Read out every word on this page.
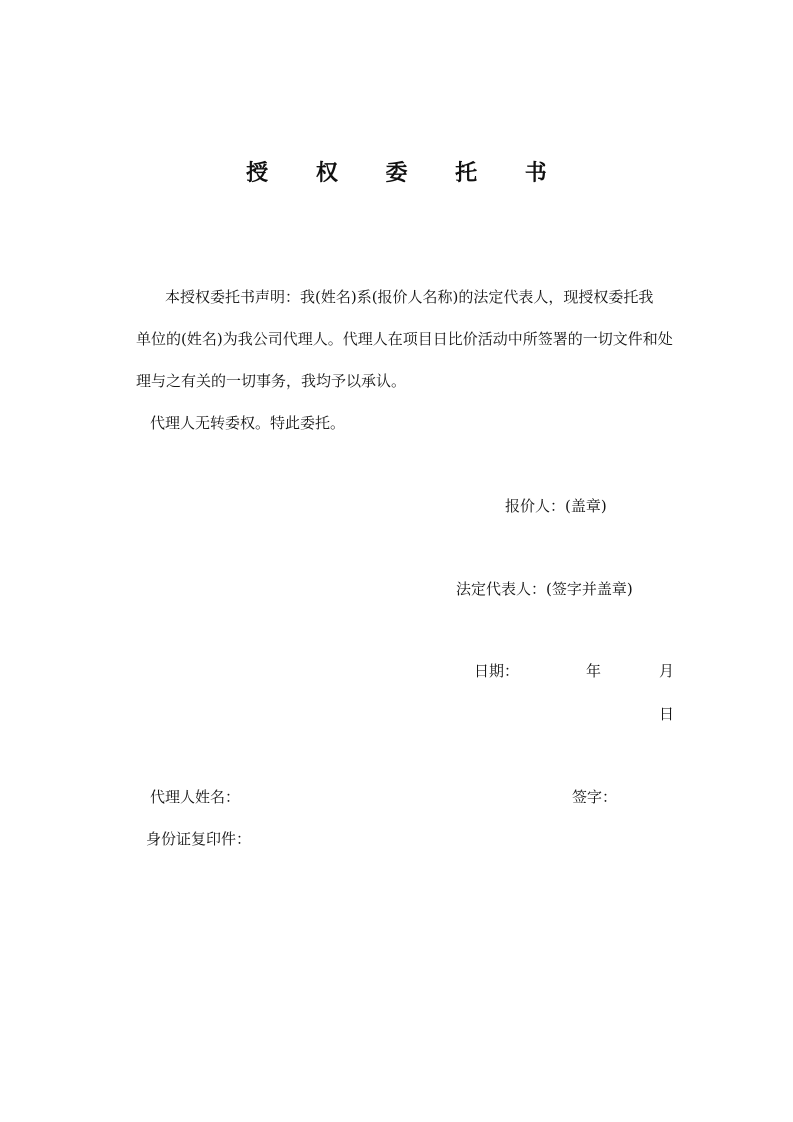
授 权 委 托 书
本授权委托书声明：我(姓名)系(报价人名称)的法定代表人，现授权委托我
单位的(姓名)为我公司代理人。代理人在项目日比价活动中所签署的一切文件和处
理与之有关的一切事务，我均予以承认。
代理人无转委权。特此委托。
报价人：(盖章)
法定代表人：(签字并盖章)
日期：	年	月
日
代理人姓名：	签字：
身份证复印件：
